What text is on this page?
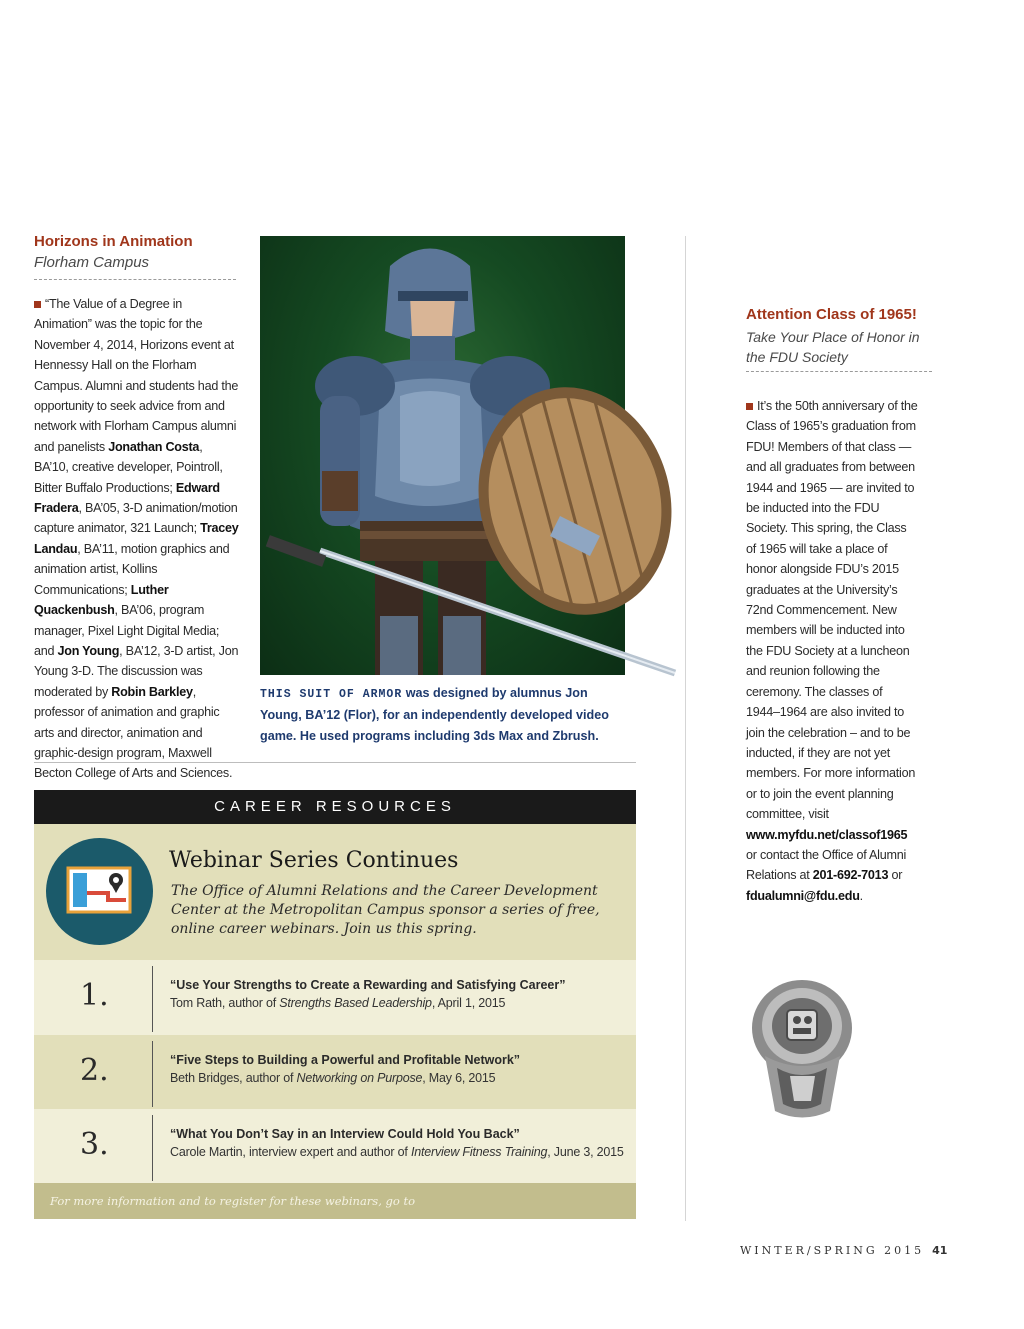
Horizons in Animation
Florham Campus
“The Value of a Degree in Animation” was the topic for the November 4, 2014, Horizons event at Hennessy Hall on the Florham Campus. Alumni and students had the opportunity to seek advice from and network with Florham Campus alumni and panelists Jonathan Costa, BA’10, creative developer, Pointroll, Bitter Buffalo Productions; Edward Fradera, BA’05, 3-D animation/motion capture animator, 321 Launch; Tracey Landau, BA’11, motion graphics and animation artist, Kollins Communications; Luther Quackenbush, BA’06, program manager, Pixel Light Digital Media; and Jon Young, BA’12, 3-D artist, Jon Young 3-D. The discussion was moderated by Robin Barkley, professor of animation and graphic arts and director, animation and graphic-design program, Maxwell Becton College of Arts and Sciences.
THIS SUIT OF ARMOR was designed by alumnus Jon Young, BA’12 (Flor), for an independently developed video game. He used programs including 3ds Max and Zbrush.
CAREER RESOURCES
Webinar Series Continues
The Office of Alumni Relations and the Career Development Center at the Metropolitan Campus sponsor a series of free, online career webinars. Join us this spring.
1.	“Use Your Strengths to Create a Rewarding and Satisfying Career”
Tom Rath, author of Strengths Based Leadership, April 1, 2015
2.	“Five Steps to Building a Powerful and Profitable Network”
Beth Bridges, author of Networking on Purpose, May 6, 2015
3.	“What You Don’t Say in an Interview Could Hold You Back”
Carole Martin, interview expert and author of Interview Fitness Training, June 3, 2015
For more information and to register for these webinars, go to www.expertwebinarseries.com/fdualumni.
Attention Class of 1965!
Take Your Place of Honor in the FDU Society
It’s the 50th anniversary of the Class of 1965’s graduation from FDU! Members of that class — and all graduates from between 1944 and 1965 — are invited to be inducted into the FDU Society. This spring, the Class of 1965 will take a place of honor alongside FDU’s 2015 graduates at the University’s 72nd Commencement. New members will be inducted into the FDU Society at a luncheon and reunion following the ceremony. The classes of 1944–1964 are also invited to join the celebration – and to be inducted, if they are not yet members. For more information or to join the event planning committee, visit www.myfdu.net/classof1965 or contact the Office of Alumni Relations at 201-692-7013 or fdualumni@fdu.edu.
WINTER/SPRING 2015 41
